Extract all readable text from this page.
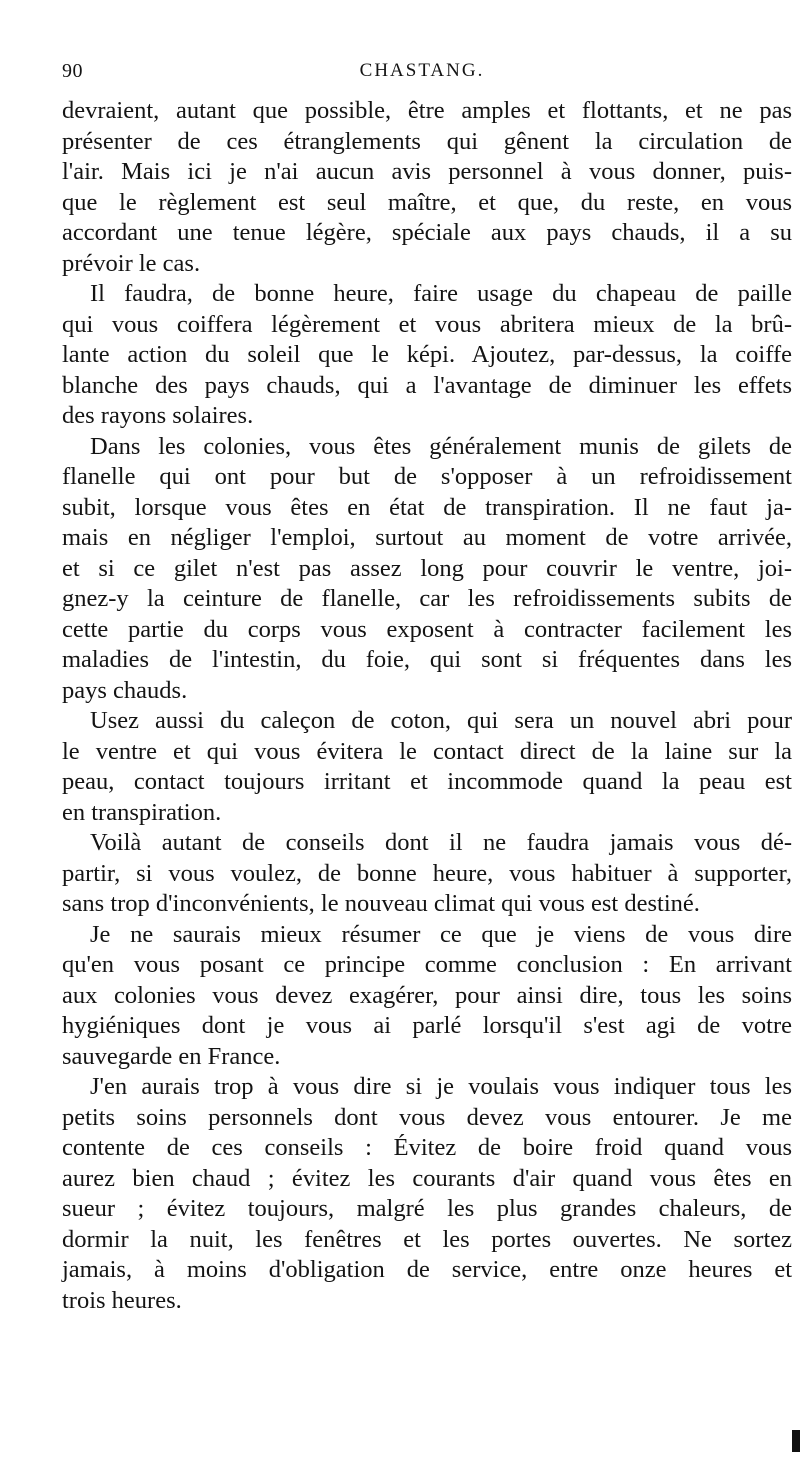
90	CHASTANG.

devraient, autant que possible, être amples et flottants, et ne pas
présenter de ces étranglements qui gênent la circulation de
l'air. Mais ici je n'ai aucun avis personnel à vous donner, puis-
que le règlement est seul maître, et que, du reste, en vous
accordant une tenue légère, spéciale aux pays chauds, il a su
prévoir le cas.

Il faudra, de bonne heure, faire usage du chapeau de paille
qui vous coiffera légèrement et vous abritera mieux de la brû-
lante action du soleil que le képi. Ajoutez, par-dessus, la coiffe
blanche des pays chauds, qui a l'avantage de diminuer les effets
des rayons solaires.

Dans les colonies, vous êtes généralement munis de gilets de
flanelle qui ont pour but de s'opposer à un refroidissement
subit, lorsque vous êtes en état de transpiration. Il ne faut ja-
mais en négliger l'emploi, surtout au moment de votre arrivée,
et si ce gilet n'est pas assez long pour couvrir le ventre, joi-
gnez-y la ceinture de flanelle, car les refroidissements subits de
cette partie du corps vous exposent à contracter facilement les
maladies de l'intestin, du foie, qui sont si fréquentes dans les
pays chauds.

Usez aussi du caleçon de coton, qui sera un nouvel abri pour
le ventre et qui vous évitera le contact direct de la laine sur la
peau, contact toujours irritant et incommode quand la peau est
en transpiration.

Voilà autant de conseils dont il ne faudra jamais vous dé-
partir, si vous voulez, de bonne heure, vous habituer à supporter,
sans trop d'inconvénients, le nouveau climat qui vous est destiné.

Je ne saurais mieux résumer ce que je viens de vous dire
qu'en vous posant ce principe comme conclusion : En arrivant
aux colonies vous devez exagérer, pour ainsi dire, tous les soins
hygiéniques dont je vous ai parlé lorsqu'il s'est agi de votre
sauvegarde en France.

J'en aurais trop à vous dire si je voulais vous indiquer tous les
petits soins personnels dont vous devez vous entourer. Je me
contente de ces conseils : Évitez de boire froid quand vous
aurez bien chaud ; évitez les courants d'air quand vous êtes en
sueur ; évitez toujours, malgré les plus grandes chaleurs, de
dormir la nuit, les fenêtres et les portes ouvertes. Ne sortez
jamais, à moins d'obligation de service, entre onze heures et
trois heures.
